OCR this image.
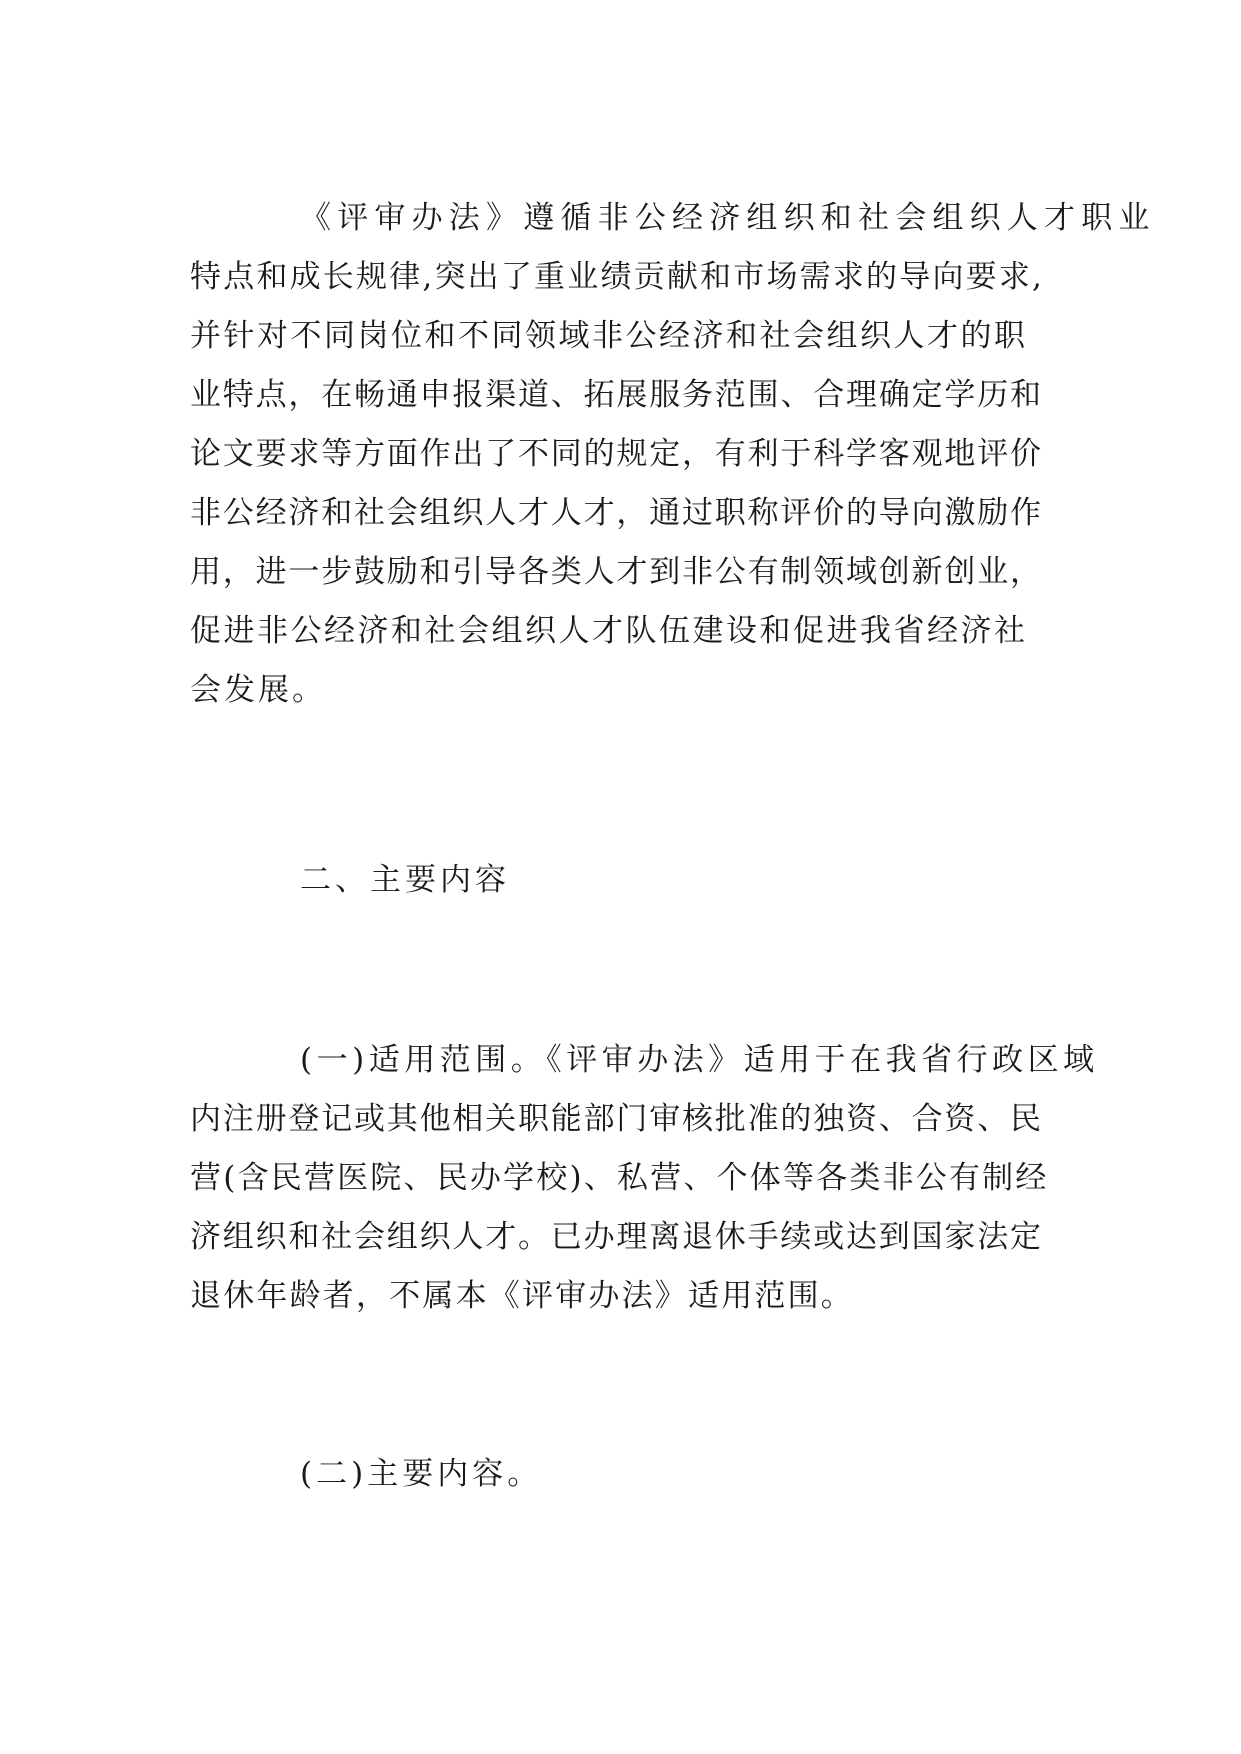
《评审办法》遵循非公经济组织和社会组织人才职业
特点和成长规律,突出了重业绩贡献和市场需求的导向要求,
并针对不同岗位和不同领域非公经济和社会组织人才的职
业特点，在畅通申报渠道、拓展服务范围、合理确定学历和
论文要求等方面作出了不同的规定，有利于科学客观地评价
非公经济和社会组织人才人才，通过职称评价的导向激励作
用，进一步鼓励和引导各类人才到非公有制领域创新创业，
促进非公经济和社会组织人才队伍建设和促进我省经济社
会发展。
二、主要内容
(一)适用范围。《评审办法》适用于在我省行政区域
内注册登记或其他相关职能部门审核批准的独资、合资、民
营(含民营医院、民办学校)、私营、个体等各类非公有制经
济组织和社会组织人才。已办理离退休手续或达到国家法定
退休年龄者，不属本《评审办法》适用范围。
(二)主要内容。
